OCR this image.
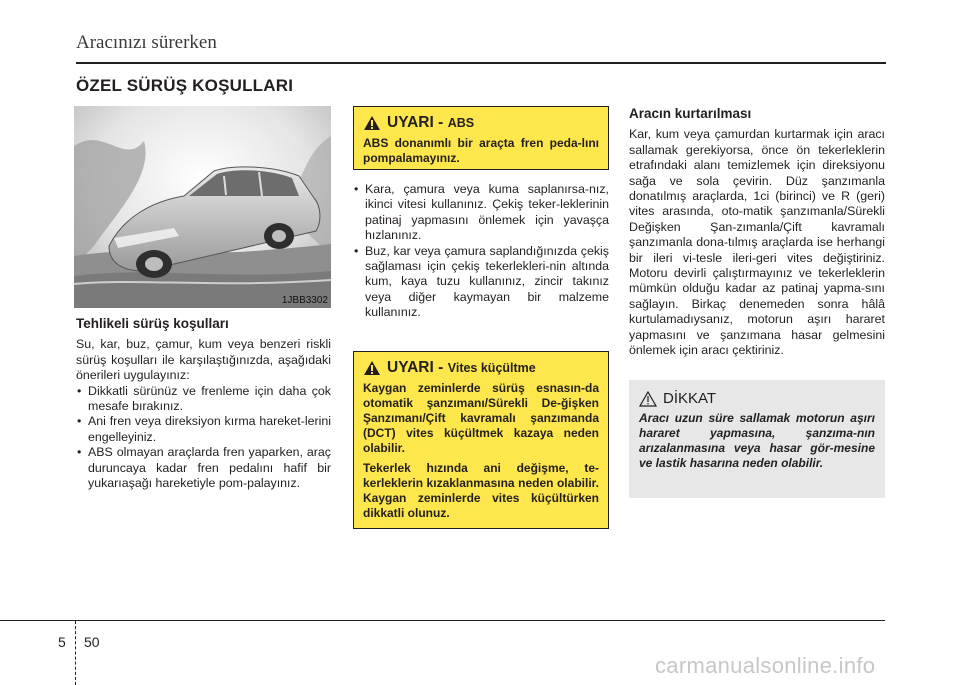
Aracınızı sürerken
ÖZEL SÜRÜŞ KOŞULLARI
1JBB3302
Tehlikeli sürüş koşulları

Su, kar, buz, çamur, kum veya benzeri riskli sürüş koşulları ile karşılaştığınızda, aşağıdaki önerileri uygulayınız:

• Dikkatli sürünüz ve frenleme için daha çok mesafe bırakınız.
• Ani fren veya direksiyon kırma hareket-lerini engelleyiniz.
• ABS olmayan araçlarda fren yaparken, araç duruncaya kadar fren pedalını hafif bir yukarıaşağı hareketiyle pom-palayınız.
UYARI -
ABS

ABS donanımlı bir araçta fren peda-lını pompalamayınız.

• Kara, çamura veya kuma saplanırsa-nız, ikinci vitesi kullanınız. Çekiş teker-leklerinin patinaj yapmasını önlemek için yavaşça hızlanınız.
• Buz, kar veya çamura saplandığınızda çekiş sağlaması için çekiş tekerlekleri-nin altında kum, kaya tuzu kullanınız, zincir takınız veya diğer kaymayan bir malzeme kullanınız.
UYARI -
Vites küçültme

Kaygan zeminlerde sürüş esnasın-da otomatik şanzımanı/Sürekli De-ğişken Şanzımanı/Çift kavramalı şanzımanda (DCT) vites küçültmek kazaya neden olabilir.

Tekerlek hızında ani değişme, te-kerleklerin kızaklanmasına neden olabilir. Kaygan zeminlerde vites küçültürken dikkatli olunuz.

Aracın kurtarılması

Kar, kum veya çamurdan kurtarmak için aracı sallamak gerekiyorsa, önce ön tekerleklerin etrafındaki alanı temizlemek için direksiyonu sağa ve sola çevirin. Düz şanzımanla donatılmış araçlarda, 1ci (birinci) ve R (geri) vites arasında, oto-matik şanzımanla/Sürekli Değişken Şan-zımanla/Çift kavramalı şanzımanla dona-tılmış araçlarda ise herhangi bir ileri vi-tesle ileri-geri vites değiştiriniz. Motoru devirli çalıştırmayınız ve tekerleklerin mümkün olduğu kadar az patinaj yapma-sını sağlayın. Birkaç denemeden sonra hâlâ kurtulamadıysanız, motorun aşırı hararet yapmasını ve şanzımana hasar gelmesini önlemek için aracı çektiriniz.

DİKKAT

Aracı uzun süre sallamak motorun aşırı hararet yapmasına, şanzıma-nın arızalanmasına veya hasar gör-mesine ve lastik hasarına neden olabilir.

5 50
carmanualsonline.info
